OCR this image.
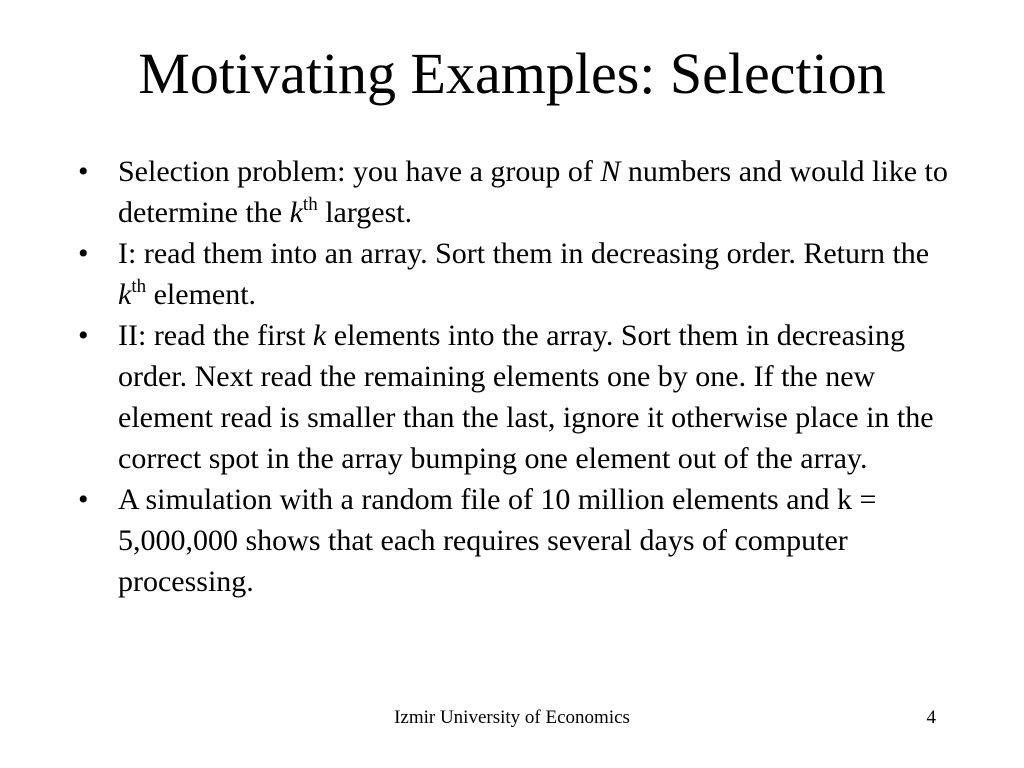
Motivating Examples: Selection
• Selection problem: you have a group of N numbers and would like to determine the $k^{th}$ largest.
• I: read them into an array. Sort them in decreasing order. Return the $k^{th}$ element.
• II: read the first k elements into the array. Sort them in decreasing order. Next read the remaining elements one by one. If the new element read is smaller than the last, ignore it otherwise place in the correct spot in the array bumping one element out of the array.
• A simulation with a random file of 10 million elements and k = 5,000,000 shows that each requires several days of computer processing.
Izmir University of Economics	4
